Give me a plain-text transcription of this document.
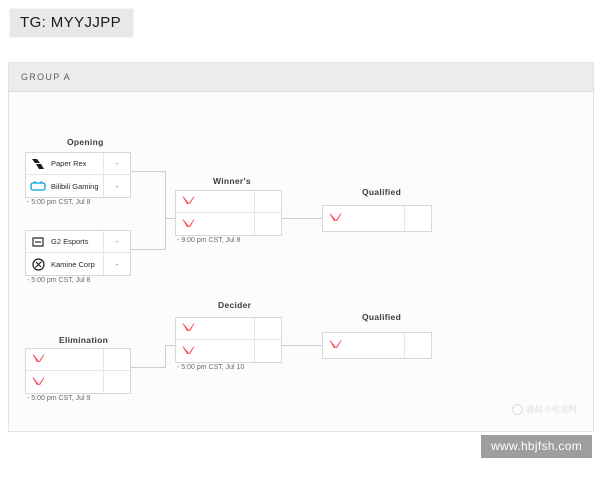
TG: MYYJJPP
GROUP A
Opening
Winner's
Qualified
Elimination
Decider
Qualified
Paper Rex	-
Bilibili Gaming	-
- 5:00 pm CST, Jul 8
G2 Esports	-
Kamine Corp	-
- 5:00 pm CST, Jul 8
- 9:00 pm CST, Jul 8
- 5:00 pm CST, Jul 9
- 5:00 pm CST, Jul 10
@晨小电竞阿
www.hbjfsh.com
